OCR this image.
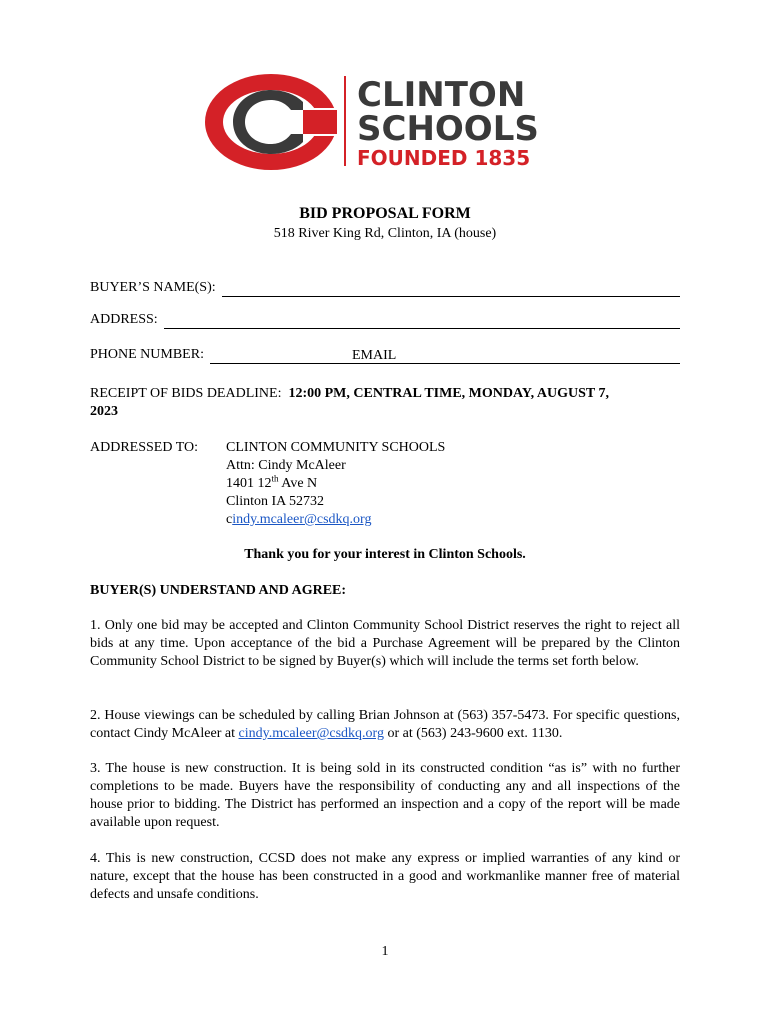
CLINTON
SCHOOLS
FOUNDED 1835
BID PROPOSAL FORM
518 River King Rd, Clinton, IA (house)
BUYER’S NAME(S):
ADDRESS:
PHONE NUMBER:	EMAIL

RECEIPT OF BIDS DEADLINE: 12:00 PM, CENTRAL TIME, MONDAY, AUGUST 7,

2023

ADDRESSED TO: CLINTON COMMUNITY SCHOOLS
Attn: Cindy McAleer
1401 12th Ave N
Clinton IA 52732
cindy.mcaleer@csdkq.org
Thank you for your interest in Clinton Schools.
BUYER(S) UNDERSTAND AND AGREE:

1. Only one bid may be accepted and Clinton Community School District reserves the right to reject all bids at any time. Upon acceptance of the bid a Purchase Agreement will be prepared by the Clinton Community School District to be signed by Buyer(s) which will include the terms set forth below.

2. House viewings can be scheduled by calling Brian Johnson at (563) 357-5473. For specific questions, contact Cindy McAleer at cindy.mcaleer@csdkq.org or at (563) 243-9600 ext. 1130.

3. The house is new construction. It is being sold in its constructed condition “as is” with no further completions to be made. Buyers have the responsibility of conducting any and all inspections of the house prior to bidding. The District has performed an inspection and a copy of the report will be made available upon request.

4. This is new construction, CCSD does not make any express or implied warranties of any kind or nature, except that the house has been constructed in a good and workmanlike manner free of material defects and unsafe conditions.

1
